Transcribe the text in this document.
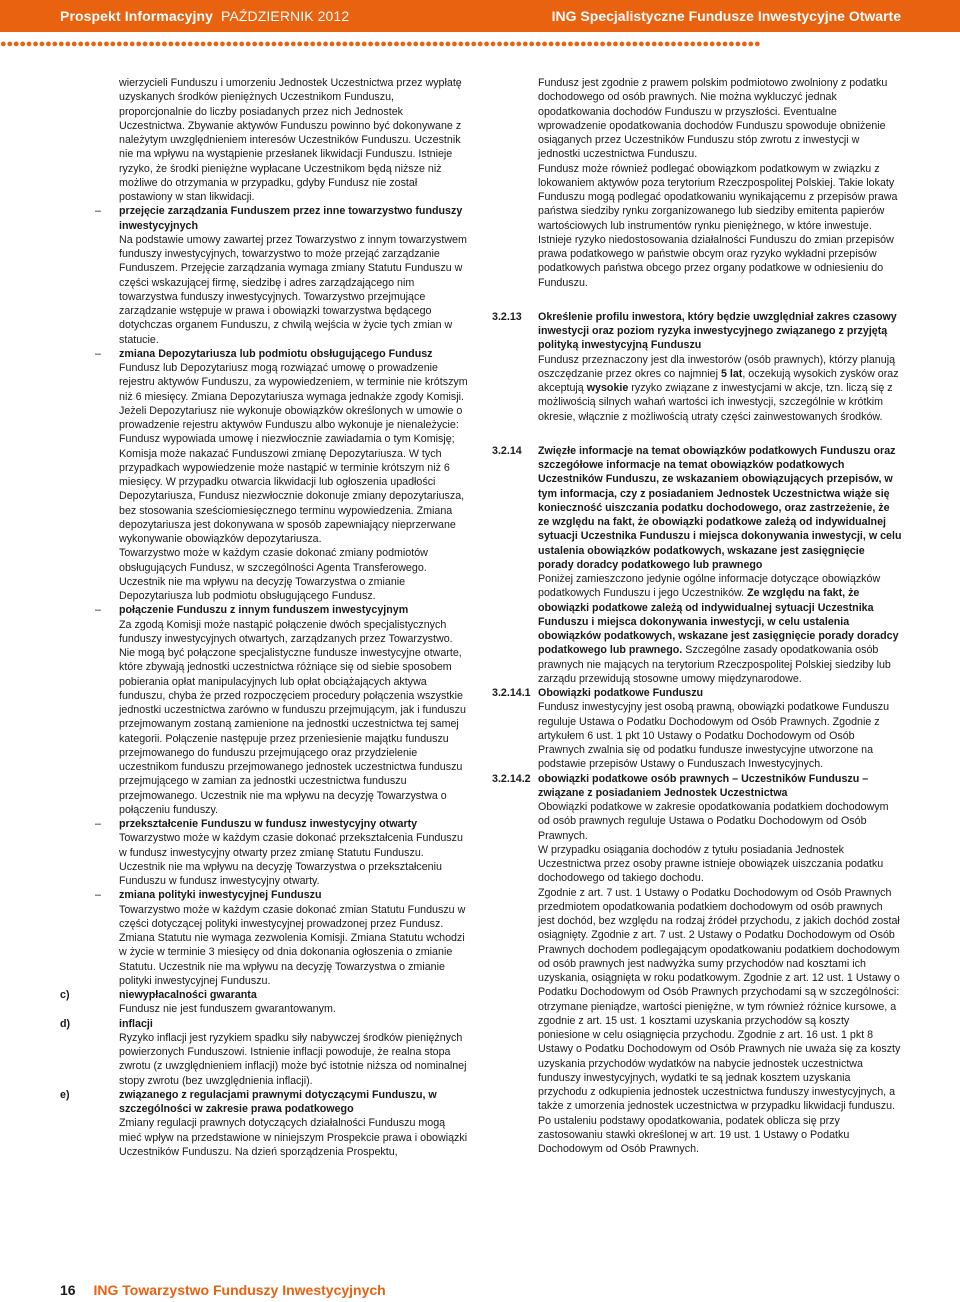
Prospekt Informacyjny PAŹDZIERNIK 2012	ING Specjalistyczne Fundusze Inwestycyjne Otwarte
●●●●●●●●●●●●●●●●●●●●●●●●●●●●●●●●●●●●●●●●●●●●●●●●●●●●●●●●●●●●●●●●●●●●●●●●●●●●●●●●●●●●●●●●●●●●●●●●●●●●●●●●●●●●●●●●●●●●●●

wierzycieli Funduszu i umorzeniu Jednostek Uczestnictwa przez wypłatę uzyskanych środków pieniężnych Uczestnikom Funduszu, proporcjonalnie do liczby posiadanych przez nich Jednostek Uczestnictwa. Zbywanie aktywów Funduszu powinno być dokonywane z należytym uwzględnieniem interesów Uczestników Funduszu. Uczestnik nie ma wpływu na wystąpienie przesłanek likwidacji Funduszu. Istnieje ryzyko, że środki pieniężne wypłacane Uczestnikom będą niższe niż możliwe do otrzymania w przypadku, gdyby Fundusz nie został postawiony w stan likwidacji.

– przejęcie zarządzania Funduszem przez inne towarzystwo funduszy inwestycyjnych

Na podstawie umowy zawartej przez Towarzystwo z innym towarzystwem funduszy inwestycyjnych, towarzystwo to może przejąć zarządzanie Funduszem. Przejęcie zarządzania wymaga zmiany Statutu Funduszu w części wskazującej firmę, siedzibę i adres zarządzającego nim towarzystwa funduszy inwestycyjnych. Towarzystwo przejmujące zarządzanie wstępuje w prawa i obowiązki towarzystwa będącego dotychczas organem Funduszu, z chwilą wejścia w życie tych zmian w statucie.

– zmiana Depozytariusza lub podmiotu obsługującego Fundusz

Fundusz lub Depozytariusz mogą rozwiązać umowę o prowadzenie rejestru aktywów Funduszu, za wypowiedzeniem, w terminie nie krótszym niż 6 miesięcy. Zmiana Depozytariusza wymaga jednakże zgody Komisji.

Jeżeli Depozytariusz nie wykonuje obowiązków określonych w umowie o prowadzenie rejestru aktywów Funduszu albo wykonuje je nienależycie: Fundusz wypowiada umowę i niezwłocznie zawiadamia o tym Komisję; Komisja może nakazać Funduszowi zmianę Depozytariusza. W tych przypadkach wypowiedzenie może nastąpić w terminie krótszym niż 6 miesięcy. W przypadku otwarcia likwidacji lub ogłoszenia upadłości Depozytariusza, Fundusz niezwłocznie dokonuje zmiany depozytariusza, bez stosowania sześciomiesięcznego terminu wypowiedzenia. Zmiana depozytariusza jest dokonywana w sposób zapewniający nieprzerwane wykonywanie obowiązków depozytariusza.

Towarzystwo może w każdym czasie dokonać zmiany podmiotów obsługujących Fundusz, w szczególności Agenta Transferowego. Uczestnik nie ma wpływu na decyzję Towarzystwa o zmianie Depozytariusza lub podmiotu obsługującego Fundusz.

– połączenie Funduszu z innym funduszem inwestycyjnym

Za zgodą Komisji może nastąpić połączenie dwóch specjalistycznych funduszy inwestycyjnych otwartych, zarządzanych przez Towarzystwo. Nie mogą być połączone specjalistyczne fundusze inwestycyjne otwarte, które zbywają jednostki uczestnictwa różniące się od siebie sposobem pobierania opłat manipulacyjnych lub opłat obciążających aktywa funduszu, chyba że przed rozpoczęciem procedury połączenia wszystkie jednostki uczestnictwa zarówno w funduszu przejmującym, jak i funduszu przejmowanym zostaną zamienione na jednostki uczestnictwa tej samej kategorii. Połączenie następuje przez przeniesienie majątku funduszu przejmowanego do funduszu przejmującego oraz przydzielenie uczestnikom funduszu przejmowanego jednostek uczestnictwa funduszu przejmującego w zamian za jednostki uczestnictwa funduszu przejmowanego. Uczestnik nie ma wpływu na decyzję Towarzystwa o połączeniu funduszy.

– przekształcenie Funduszu w fundusz inwestycyjny otwarty

Towarzystwo może w każdym czasie dokonać przekształcenia Funduszu w fundusz inwestycyjny otwarty przez zmianę Statutu Funduszu. Uczestnik nie ma wpływu na decyzję Towarzystwa o przekształceniu Funduszu w fundusz inwestycyjny otwarty.

– zmiana polityki inwestycyjnej Funduszu

Towarzystwo może w każdym czasie dokonać zmian Statutu Funduszu w części dotyczącej polityki inwestycyjnej prowadzonej przez Fundusz. Zmiana Statutu nie wymaga zezwolenia Komisji. Zmiana Statutu wchodzi w życie w terminie 3 miesięcy od dnia dokonania ogłoszenia o zmianie Statutu. Uczestnik nie ma wpływu na decyzję Towarzystwa o zmianie polityki inwestycyjnej Funduszu.

c)	niewypłacalności gwaranta

Fundusz nie jest funduszem gwarantowanym.

d)	inflacji

Ryzyko inflacji jest ryzykiem spadku siły nabywczej środków pieniężnych powierzonych Funduszowi. Istnienie inflacji powoduje, że realna stopa zwrotu (z uwzględnieniem inflacji) może być istotnie niższa od nominalnej stopy zwrotu (bez uwzględnienia inflacji).

e)	związanego z regulacjami prawnymi dotyczącymi Funduszu, w szczególności w zakresie prawa podatkowego

Zmiany regulacji prawnych dotyczących działalności Funduszu mogą mieć wpływ na przedstawione w niniejszym Prospekcie prawa i obowiązki Uczestników Funduszu. Na dzień sporządzenia Prospektu,

Fundusz jest zgodnie z prawem polskim podmiotowo zwolniony z podatku dochodowego od osób prawnych. Nie można wykluczyć jednak opodatkowania dochodów Funduszu w przyszłości. Eventualne wprowadzenie opodatkowania dochodów Funduszu spowoduje obniżenie osiąganych przez Uczestników Funduszu stóp zwrotu z inwestycji w jednostki uczestnictwa Funduszu.

Fundusz może również podlegać obowiązkom podatkowym w związku z lokowaniem aktywów poza terytorium Rzeczpospolitej Polskiej. Takie lokaty Funduszu mogą podlegać opodatkowaniu wynikającemu z przepisów prawa państwa siedziby rynku zorganizowanego lub siedziby emitenta papierów wartościowych lub instrumentów rynku pieniężnego, w które inwestuje. Istnieje ryzyko niedostosowania działalności Funduszu do zmian przepisów prawa podatkowego w państwie obcym oraz ryzyko wykładni przepisów podatkowych państwa obcego przez organy podatkowe w odniesieniu do Funduszu.

3.2.13 Określenie profilu inwestora, który będzie uwzględniał zakres czasowy inwestycji oraz poziom ryzyka inwestycyjnego związanego z przyjętą polityką inwestycyjną Funduszu

Fundusz przeznaczony jest dla inwestorów (osób prawnych), którzy planują oszczędzanie przez okres co najmniej 5 lat, oczekują wysokich zysków oraz akceptują wysokie ryzyko związane z inwestycjami w akcje, tzn. liczą się z możliwością silnych wahań wartości ich inwestycji, szczególnie w krótkim okresie, włącznie z możliwością utraty części zainwestowanych środków.

3.2.14 Zwięzłe informacje na temat obowiązków podatkowych Funduszu oraz szczegółowe informacje na temat obowiązków podatkowych Uczestników Funduszu, ze wskazaniem obowiązujących przepisów, w tym informacja, czy z posiadaniem Jednostek Uczestnictwa wiąże się konieczność uiszczania podatku dochodowego, oraz zastrzeżenie, że ze względu na fakt, że obowiązki podatkowe zależą od indywidualnej sytuacji Uczestnika Funduszu i miejsca dokonywania inwestycji, w celu ustalenia obowiązków podatkowych, wskazane jest zasięgnięcie porady doradcy podatkowego lub prawnego

Poniżej zamieszczono jedynie ogólne informacje dotyczące obowiązków podatkowych Funduszu i jego Uczestników. Ze względu na fakt, że obowiązki podatkowe zależą od indywidualnej sytuacji Uczestnika Funduszu i miejsca dokonywania inwestycji, w celu ustalenia obowiązków podatkowych, wskazane jest zasięgnięcie porady doradcy podatkowego lub prawnego. Szczególne zasady opodatkowania osób prawnych nie mających na terytorium Rzeczpospolitej Polskiej siedziby lub zarządu przewidują stosowne umowy międzynarodowe.

3.2.14.1 Obowiązki podatkowe Funduszu

Fundusz inwestycyjny jest osobą prawną, obowiązki podatkowe Funduszu reguluje Ustawa o Podatku Dochodowym od Osób Prawnych. Zgodnie z artykułem 6 ust. 1 pkt 10 Ustawy o Podatku Dochodowym od Osób Prawnych zwalnia się od podatku fundusze inwestycyjne utworzone na podstawie przepisów Ustawy o Funduszach Inwestycyjnych.

3.2.14.2 obowiązki podatkowe osób prawnych – Uczestników Funduszu – związane z posiadaniem Jednostek Uczestnictwa

Obowiązki podatkowe w zakresie opodatkowania podatkiem dochodowym od osób prawnych reguluje Ustawa o Podatku Dochodowym od Osób Prawnych.

W przypadku osiągania dochodów z tytułu posiadania Jednostek Uczestnictwa przez osoby prawne istnieje obowiązek uiszczania podatku dochodowego od takiego dochodu.

Zgodnie z art. 7 ust. 1 Ustawy o Podatku Dochodowym od Osób Prawnych przedmiotem opodatkowania podatkiem dochodowym od osób prawnych jest dochód, bez względu na rodzaj źródeł przychodu, z jakich dochód został osiągnięty. Zgodnie z art. 7 ust. 2 Ustawy o Podatku Dochodowym od Osób Prawnych dochodem podlegającym opodatkowaniu podatkiem dochodowym od osób prawnych jest nadwyżka sumy przychodów nad kosztami ich uzyskania, osiągnięta w roku podatkowym. Zgodnie z art. 12 ust. 1 Ustawy o Podatku Dochodowym od Osób Prawnych przychodami są w szczególności: otrzymane pieniądze, wartości pieniężne, w tym również różnice kursowe, a zgodnie z art. 15 ust. 1 kosztami uzyskania przychodów są koszty poniesione w celu osiągnięcia przychodu. Zgodnie z art. 16 ust. 1 pkt 8 Ustawy o Podatku Dochodowym od Osób Prawnych nie uważa się za koszty uzyskania przychodów wydatków na nabycie jednostek uczestnictwa funduszy inwestycyjnych, wydatki te są jednak kosztem uzyskania przychodu z odkupienia jednostek uczestnictwa funduszy inwestycyjnych, a także z umorzenia jednostek uczestnictwa w przypadku likwidacji funduszu. Po ustaleniu podstawy opodatkowania, podatek oblicza się przy zastosowaniu stawki określonej w art. 19 ust. 1 Ustawy o Podatku Dochodowym od Osób Prawnych.

16 ING Towarzystwo Funduszy Inwestycyjnych
